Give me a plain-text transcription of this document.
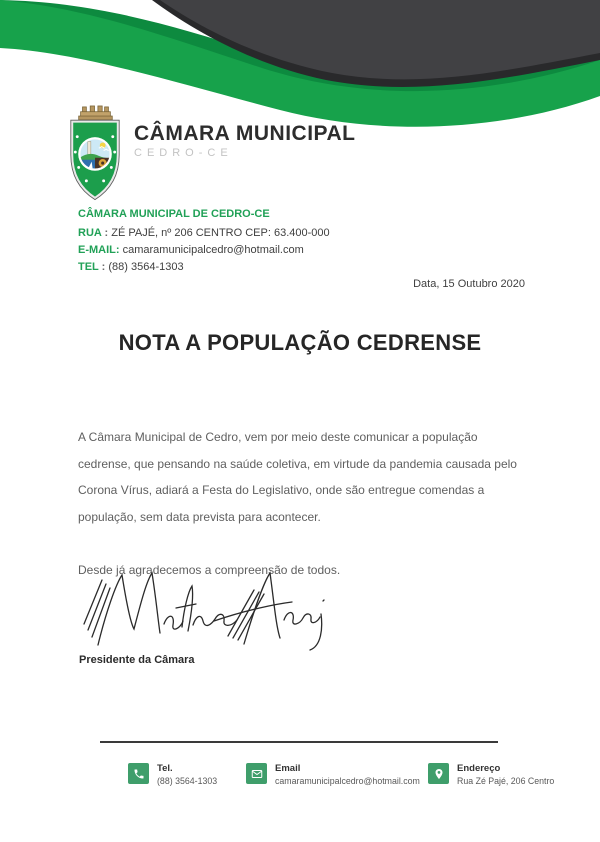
CÂMARA MUNICIPAL
CEDRO-CE
CÂMARA MUNICIPAL DE CEDRO-CE
RUA : ZÉ PAJÉ, nº 206 CENTRO CEP: 63.400-000
E-MAIL: camaramunicipalcedro@hotmail.com
TEL : (88) 3564-1303
Data, 15 Outubro 2020
NOTA A POPULAÇÃO CEDRENSE

A Câmara Municipal de Cedro, vem por meio deste comunicar a população cedrense, que pensando na saúde coletiva, em virtude da pandemia causada pelo Corona Vírus, adiará a Festa do Legislativo, onde são entregue comendas a população, sem data prevista para acontecer.

Desde já agradecemos a compreensão de todos.

Presidente da Câmara
Tel.
(88) 3564-1303
Email
camaramunicipalcedro@hotmail.com
Endereço
Rua Zé Pajé, 206 Centro
